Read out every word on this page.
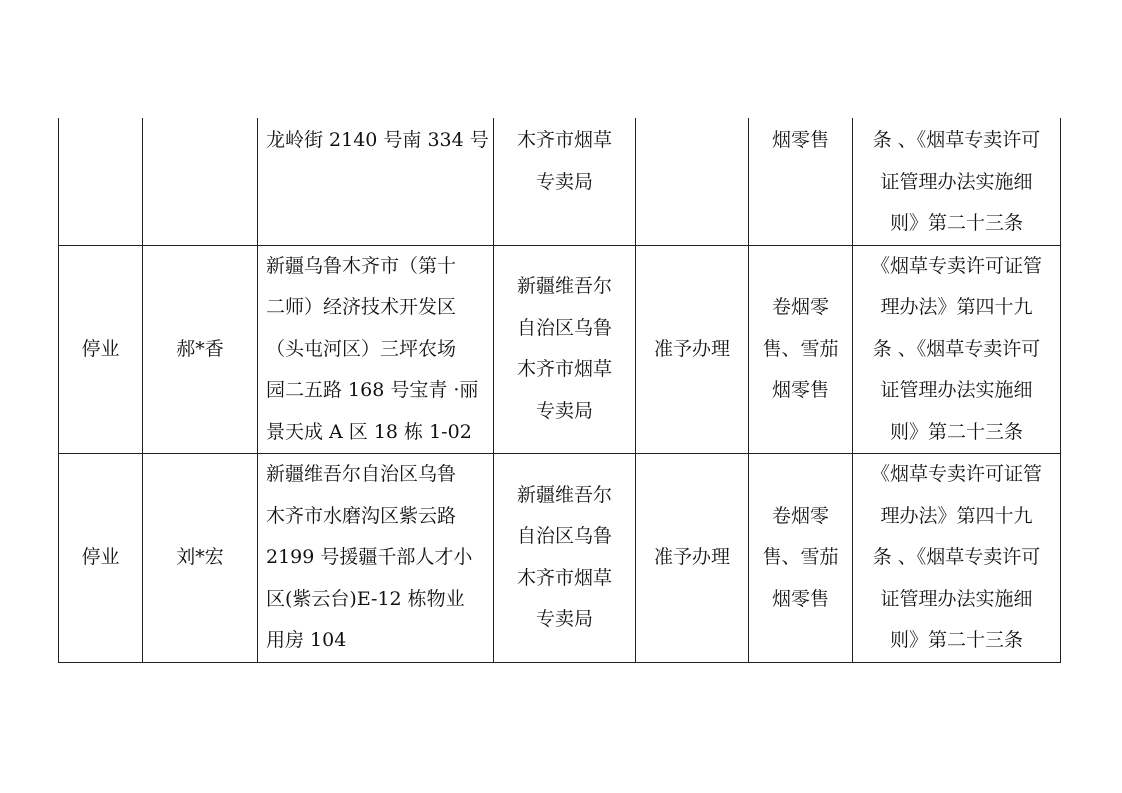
		龙岭街 2140 号南 334 号	木齐市烟草
专卖局		烟零售	条 、《烟草专卖许可
证管理办法实施细
则》第二十三条

停业	郝*香	新疆乌鲁木齐市（第十
二师）经济技术开发区
（头屯河区）三坪农场
园二五路 168 号宝青 ·丽
景天成 A 区 18 栋 1-02	新疆维吾尔
自治区乌鲁
木齐市烟草
专卖局	准予办理	卷烟零
售、雪茄
烟零售	《烟草专卖许可证管
理办法》第四十九
条 、《烟草专卖许可
证管理办法实施细
则》第二十三条

停业	刘*宏	新疆维吾尔自治区乌鲁
木齐市水磨沟区紫云路
2199 号援疆千部人才小
区(紫云台)E-12 栋物业
用房 104	新疆维吾尔
自治区乌鲁
木齐市烟草
专卖局	准予办理	卷烟零
售、雪茄
烟零售	《烟草专卖许可证管
理办法》第四十九
条 、《烟草专卖许可
证管理办法实施细
则》第二十三条
